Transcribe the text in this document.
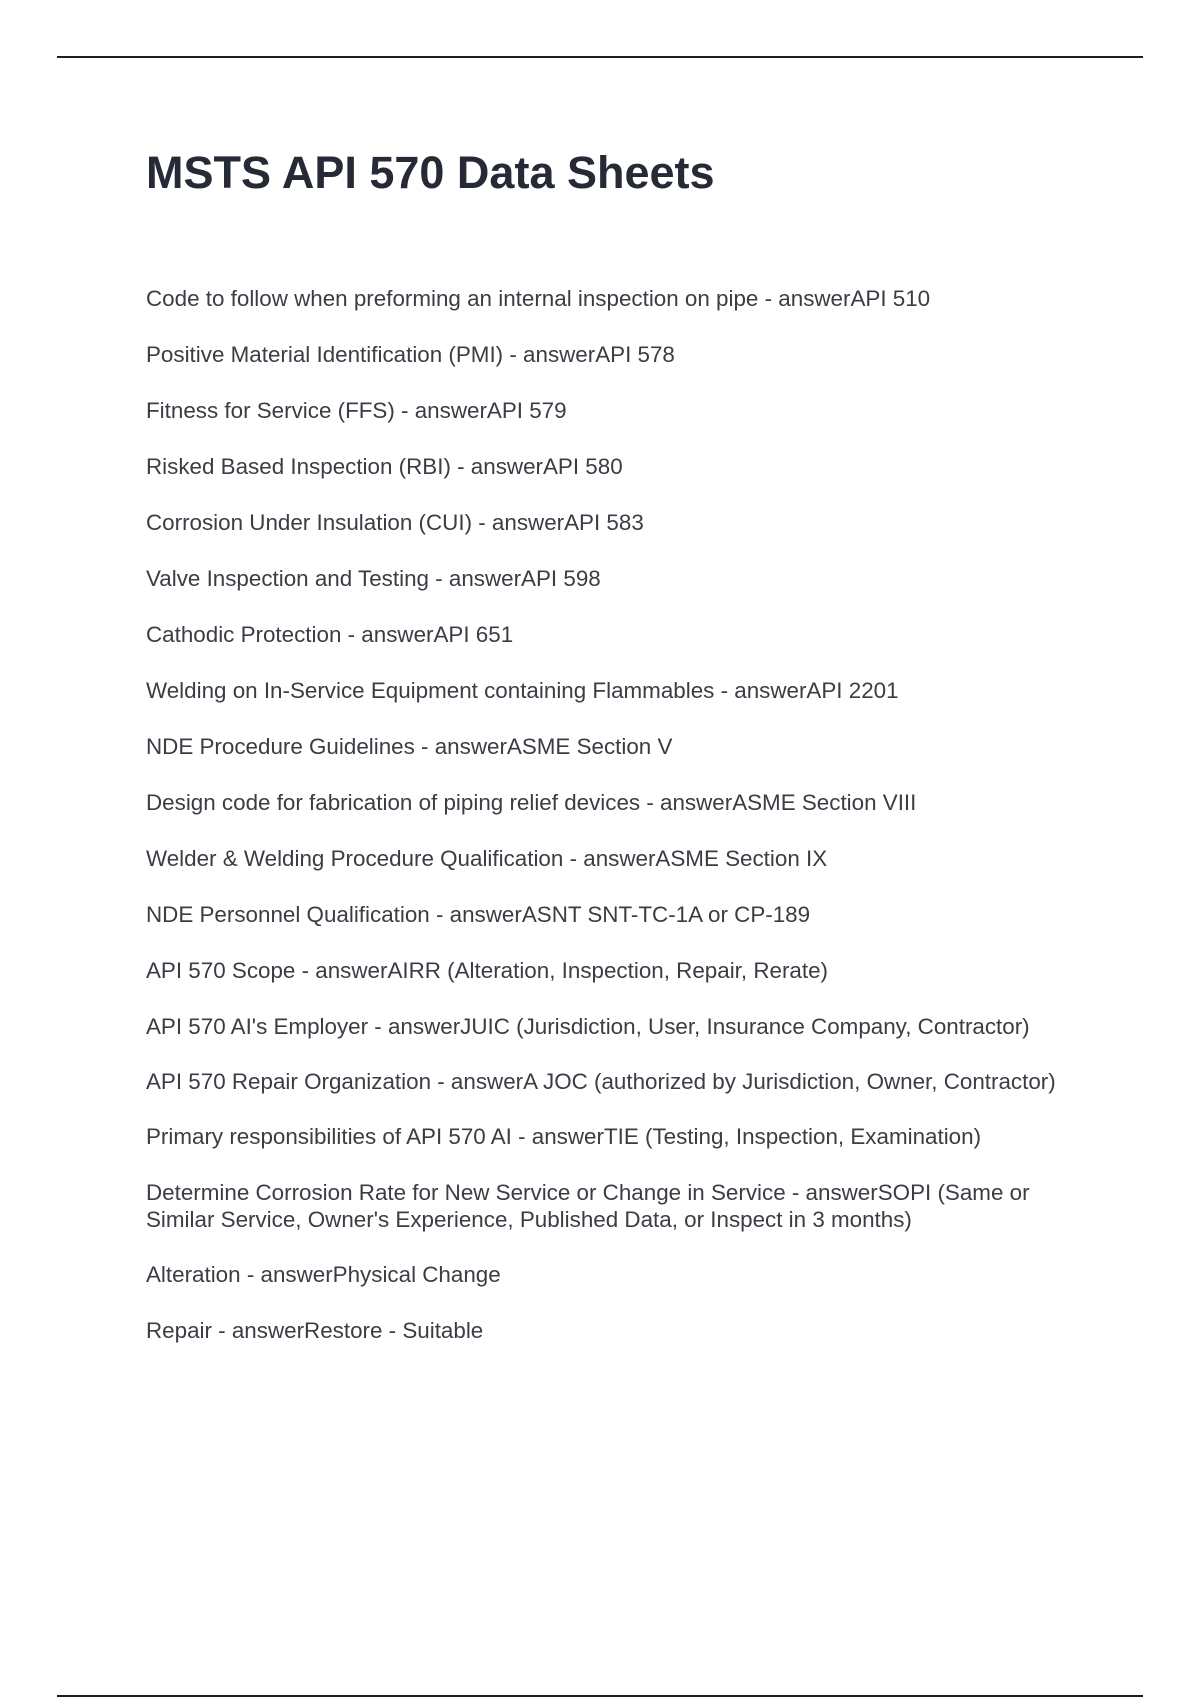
MSTS API 570 Data Sheets
Code to follow when preforming an internal inspection on pipe - answerAPI 510
Positive Material Identification (PMI) - answerAPI 578
Fitness for Service (FFS) - answerAPI 579
Risked Based Inspection (RBI) - answerAPI 580
Corrosion Under Insulation (CUI) - answerAPI 583
Valve Inspection and Testing - answerAPI 598
Cathodic Protection - answerAPI 651
Welding on In-Service Equipment containing Flammables - answerAPI 2201
NDE Procedure Guidelines - answerASME Section V
Design code for fabrication of piping relief devices - answerASME Section VIII
Welder & Welding Procedure Qualification - answerASME Section IX
NDE Personnel Qualification - answerASNT SNT-TC-1A or CP-189
API 570 Scope - answerAIRR (Alteration, Inspection, Repair, Rerate)
API 570 AI's Employer - answerJUIC (Jurisdiction, User, Insurance Company, Contractor)
API 570 Repair Organization - answerA JOC (authorized by Jurisdiction, Owner, Contractor)
Primary responsibilities of API 570 AI - answerTIE (Testing, Inspection, Examination)
Determine Corrosion Rate for New Service or Change in Service - answerSOPI (Same or Similar Service, Owner's Experience, Published Data, or Inspect in 3 months)
Alteration - answerPhysical Change
Repair - answerRestore - Suitable
